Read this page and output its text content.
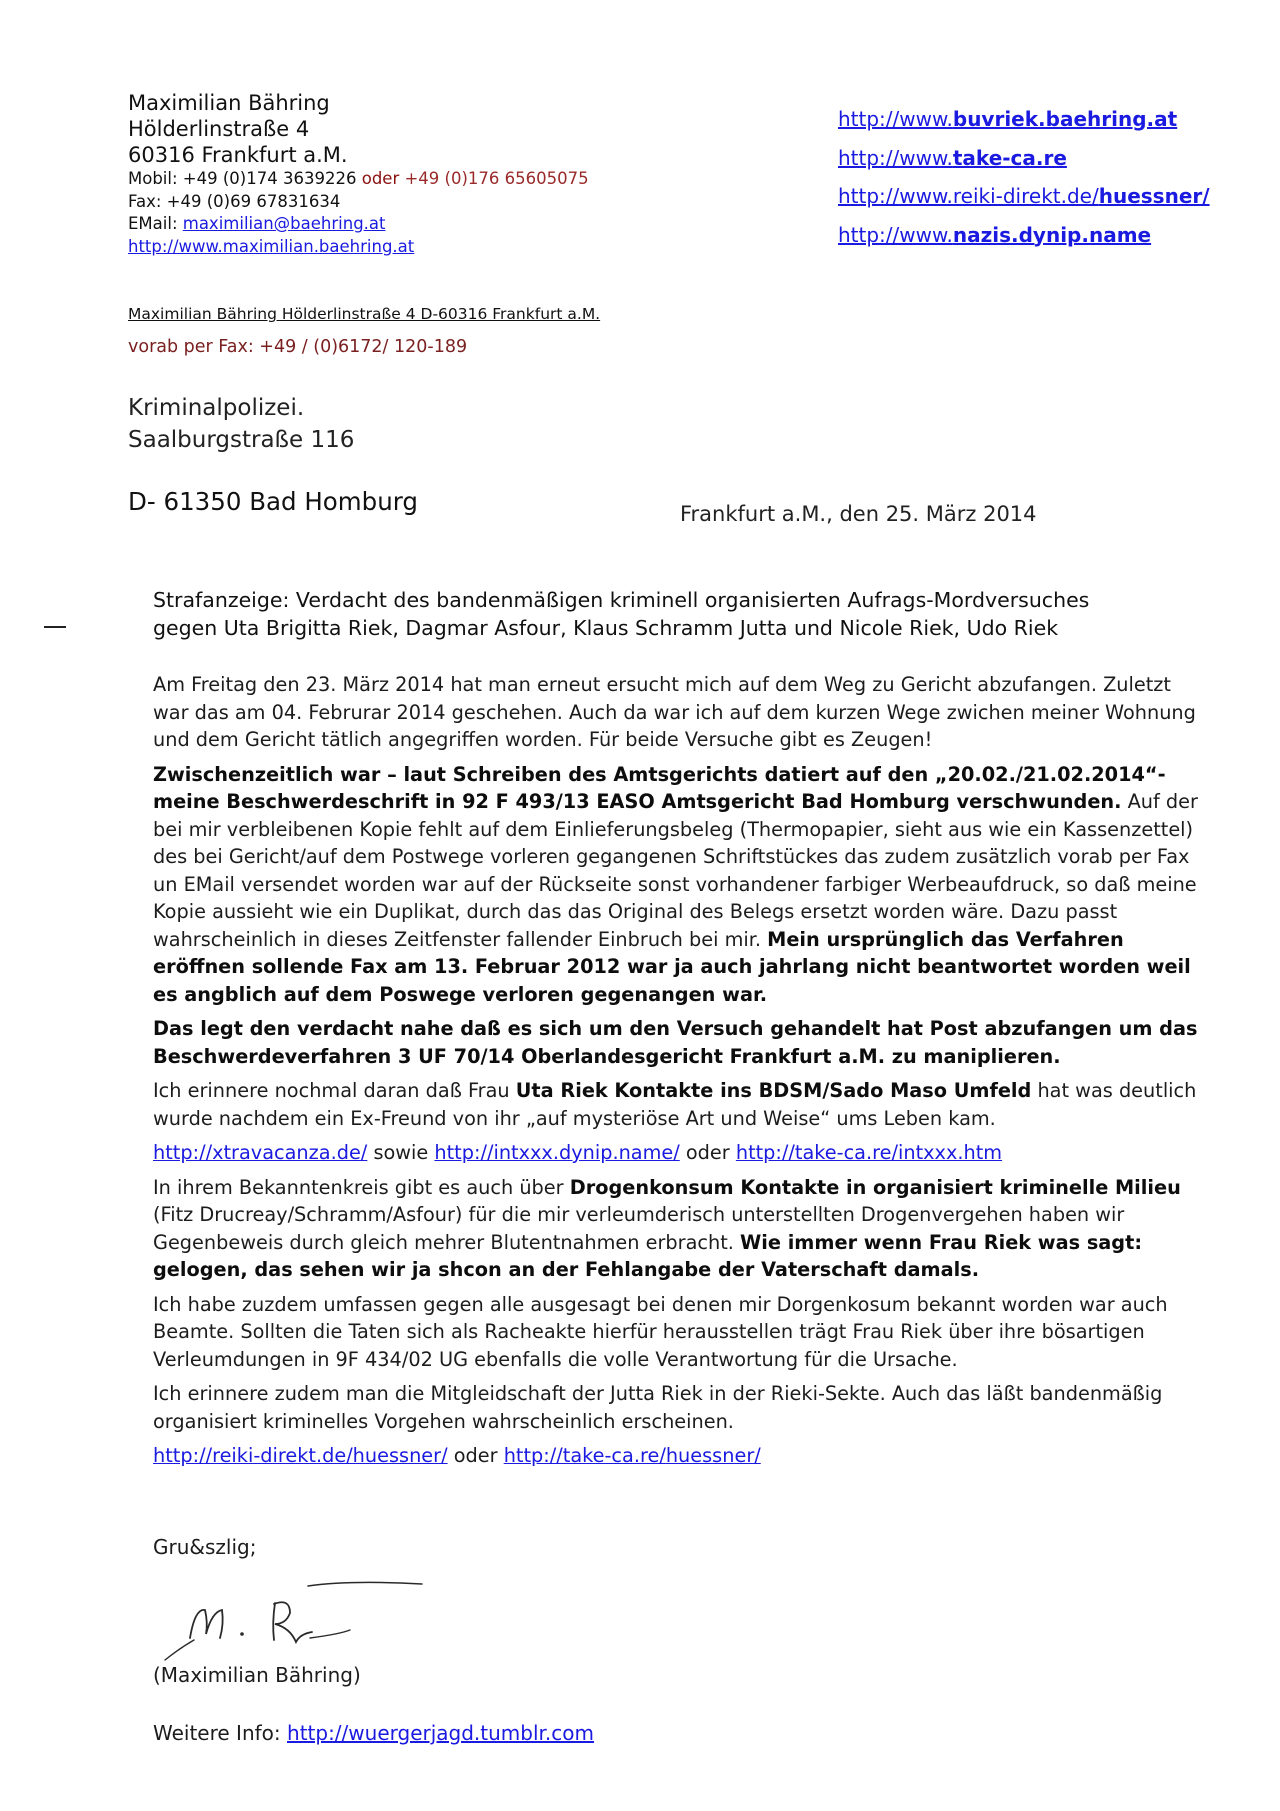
Maximilian Bähring
Hölderlinstraße 4
60316 Frankfurt a.M.
Mobil: +49 (0)174 3639226 oder +49 (0)176 65605075
Fax: +49 (0)69 67831634
EMail: maximilian@baehring.at
http://www.maximilian.baehring.at
http://www.buvriek.baehring.at
http://www.take-ca.re
http://www.reiki-direkt.de/huessner/
http://www.nazis.dynip.name
Maximilian Bähring Hölderlinstraße 4 D-60316 Frankfurt a.M.
vorab per Fax: +49 / (0)6172/ 120-189
Kriminalpolizei.
Saalburgstraße 116
D- 61350 Bad Homburg	Frankfurt a.M., den 25. März 2014
Strafanzeige: Verdacht des bandenmäßigen kriminell organisierten Aufrags-Mordversuches
gegen Uta Brigitta Riek, Dagmar Asfour, Klaus Schramm Jutta und Nicole Riek, Udo Riek

Am Freitag den 23. März 2014 hat man erneut ersucht mich auf dem Weg zu Gericht abzufangen. Zuletzt war das am 04. Februrar 2014 geschehen. Auch da war ich auf dem kurzen Wege zwichen meiner Wohnung und dem Gericht tätlich angegriffen worden. Für beide Versuche gibt es Zeugen!

Zwischenzeitlich war – laut Schreiben des Amtsgerichts datiert auf den „20.02./21.02.2014“- meine Beschwerdeschrift in 92 F 493/13 EASO Amtsgericht Bad Homburg verschwunden. Auf der bei mir verbleibenen Kopie fehlt auf dem Einlieferungsbeleg (Thermopapier, sieht aus wie ein Kassenzettel) des bei Gericht/auf dem Postwege vorleren gegangenen Schriftstückes das zudem zusätzlich vorab per Fax un EMail versendet worden war auf der Rückseite sonst vorhandener farbiger Werbeaufdruck, so daß meine Kopie aussieht wie ein Duplikat, durch das das Original des Belegs ersetzt worden wäre. Dazu passt wahrscheinlich in dieses Zeitfenster fallender Einbruch bei mir. Mein ursprünglich das Verfahren eröffnen sollende Fax am 13. Februar 2012 war ja auch jahrlang nicht beantwortet worden weil es angblich auf dem Poswege verloren gegenangen war.

Das legt den verdacht nahe daß es sich um den Versuch gehandelt hat Post abzufangen um das Beschwerdeverfahren 3 UF 70/14 Oberlandesgericht Frankfurt a.M. zu maniplieren.

Ich erinnere nochmal daran daß Frau Uta Riek Kontakte ins BDSM/Sado Maso Umfeld hat was deutlich wurde nachdem ein Ex-Freund von ihr „auf mysteriöse Art und Weise“ ums Leben kam.

http://xtravacanza.de/ sowie http://intxxx.dynip.name/ oder http://take-ca.re/intxxx.htm

In ihrem Bekanntenkreis gibt es auch über Drogenkonsum Kontakte in organisiert kriminelle Milieu (Fitz Drucreay/Schramm/Asfour) für die mir verleumderisch unterstellten Drogenvergehen haben wir Gegenbeweis durch gleich mehrer Blutentnahmen erbracht. Wie immer wenn Frau Riek was sagt: gelogen, das sehen wir ja shcon an der Fehlangabe der Vaterschaft damals.

Ich habe zuzdem umfassen gegen alle ausgesagt bei denen mir Dorgenkosum bekannt worden war auch Beamte. Sollten die Taten sich als Racheakte hierfür herausstellen trägt Frau Riek über ihre bösartigen Verleumdungen in 9F 434/02 UG ebenfalls die volle Verantwortung für die Ursache.

Ich erinnere zudem man die Mitgleidschaft der Jutta Riek in der Rieki-Sekte. Auch das läßt bandenmäßig organisiert kriminelles Vorgehen wahrscheinlich erscheinen.

http://reiki-direkt.de/huessner/ oder http://take-ca.re/huessner/

Gru&szlig;
(Maximilian Bähring)
Weitere Info: http://wuergerjagd.tumblr.com
